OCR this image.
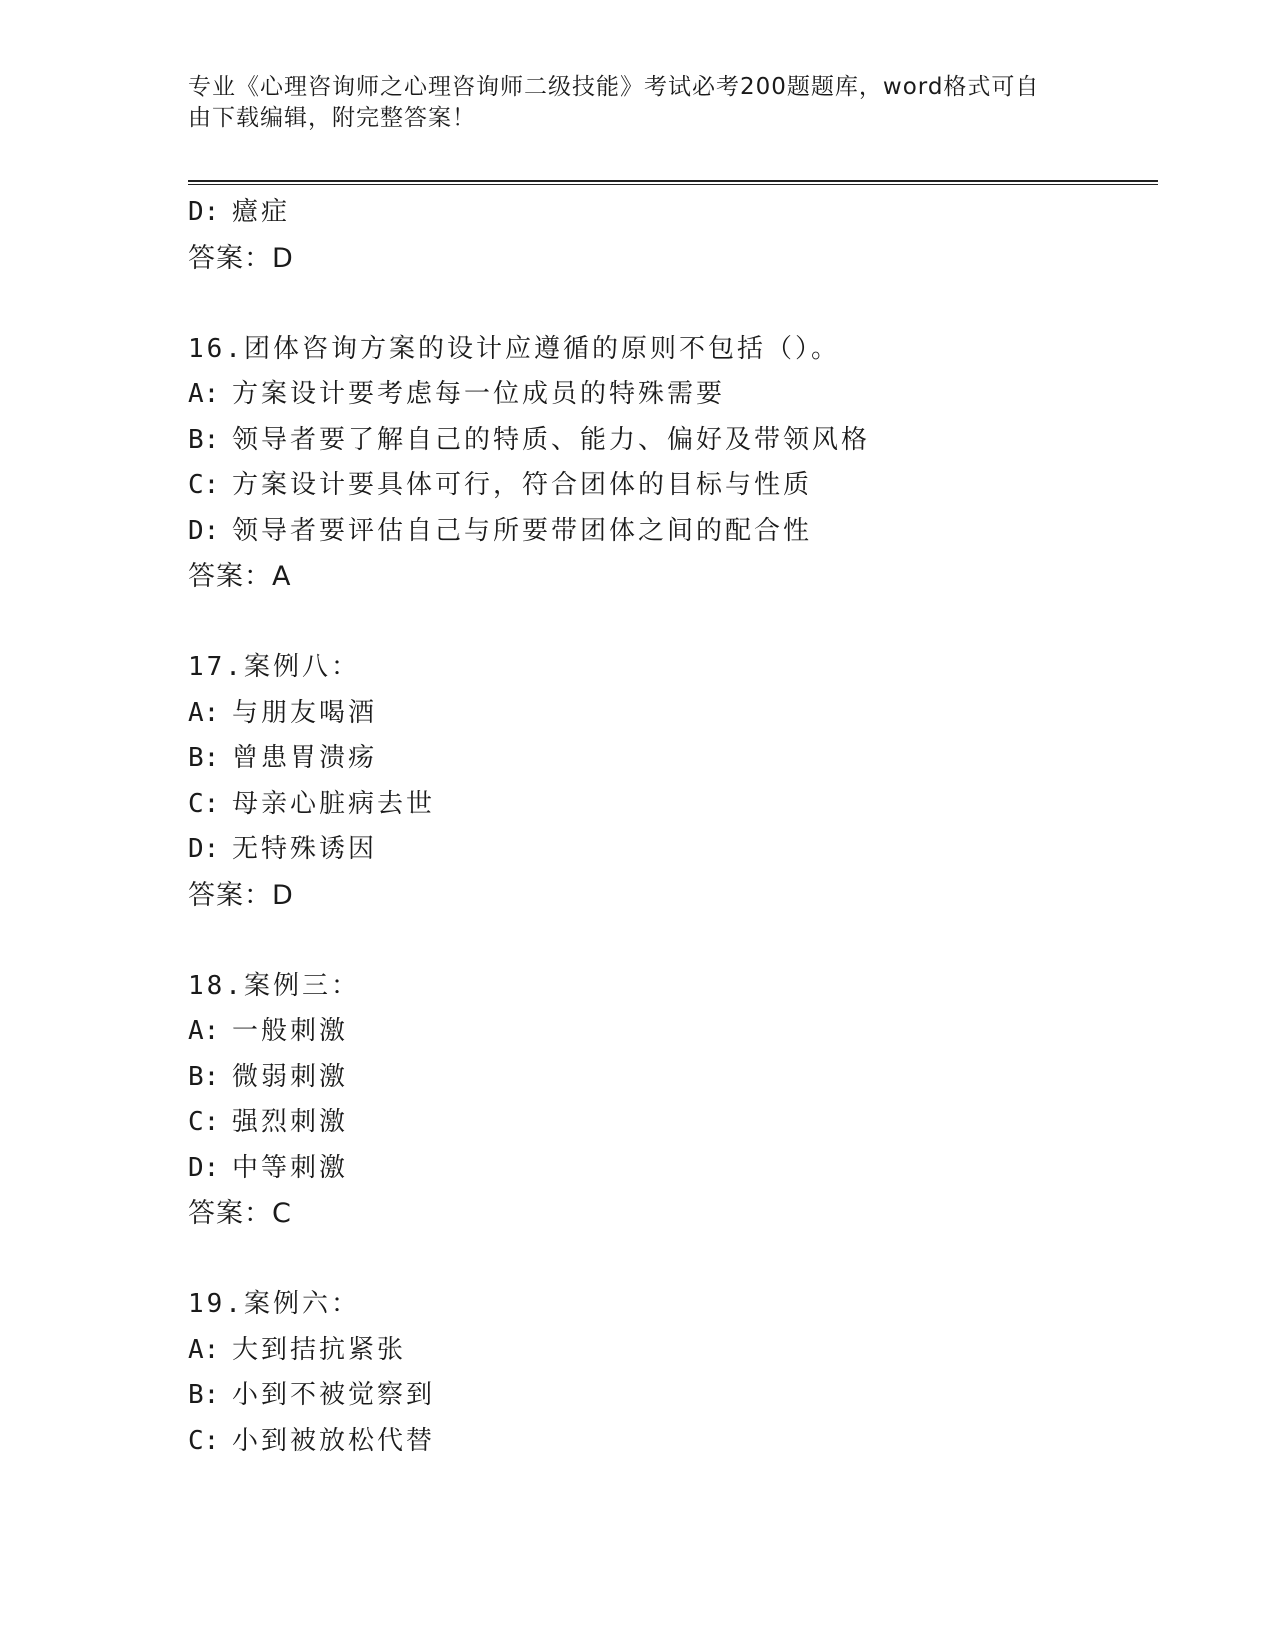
专业《心理咨询师之心理咨询师二级技能》考试必考200题题库，word格式可自
由下载编辑，附完整答案！
D: 癔症
答案：D
16.团体咨询方案的设计应遵循的原则不包括（）。
A: 方案设计要考虑每一位成员的特殊需要
B: 领导者要了解自己的特质、能力、偏好及带领风格
C: 方案设计要具体可行，符合团体的目标与性质
D: 领导者要评估自己与所要带团体之间的配合性
答案：A
17.案例八：
A: 与朋友喝酒
B: 曾患胃溃疡
C: 母亲心脏病去世
D: 无特殊诱因
答案：D
18.案例三：
A: 一般刺激
B: 微弱刺激
C: 强烈刺激
D: 中等刺激
答案：C
19.案例六：
A: 大到拮抗紧张
B: 小到不被觉察到
C: 小到被放松代替
